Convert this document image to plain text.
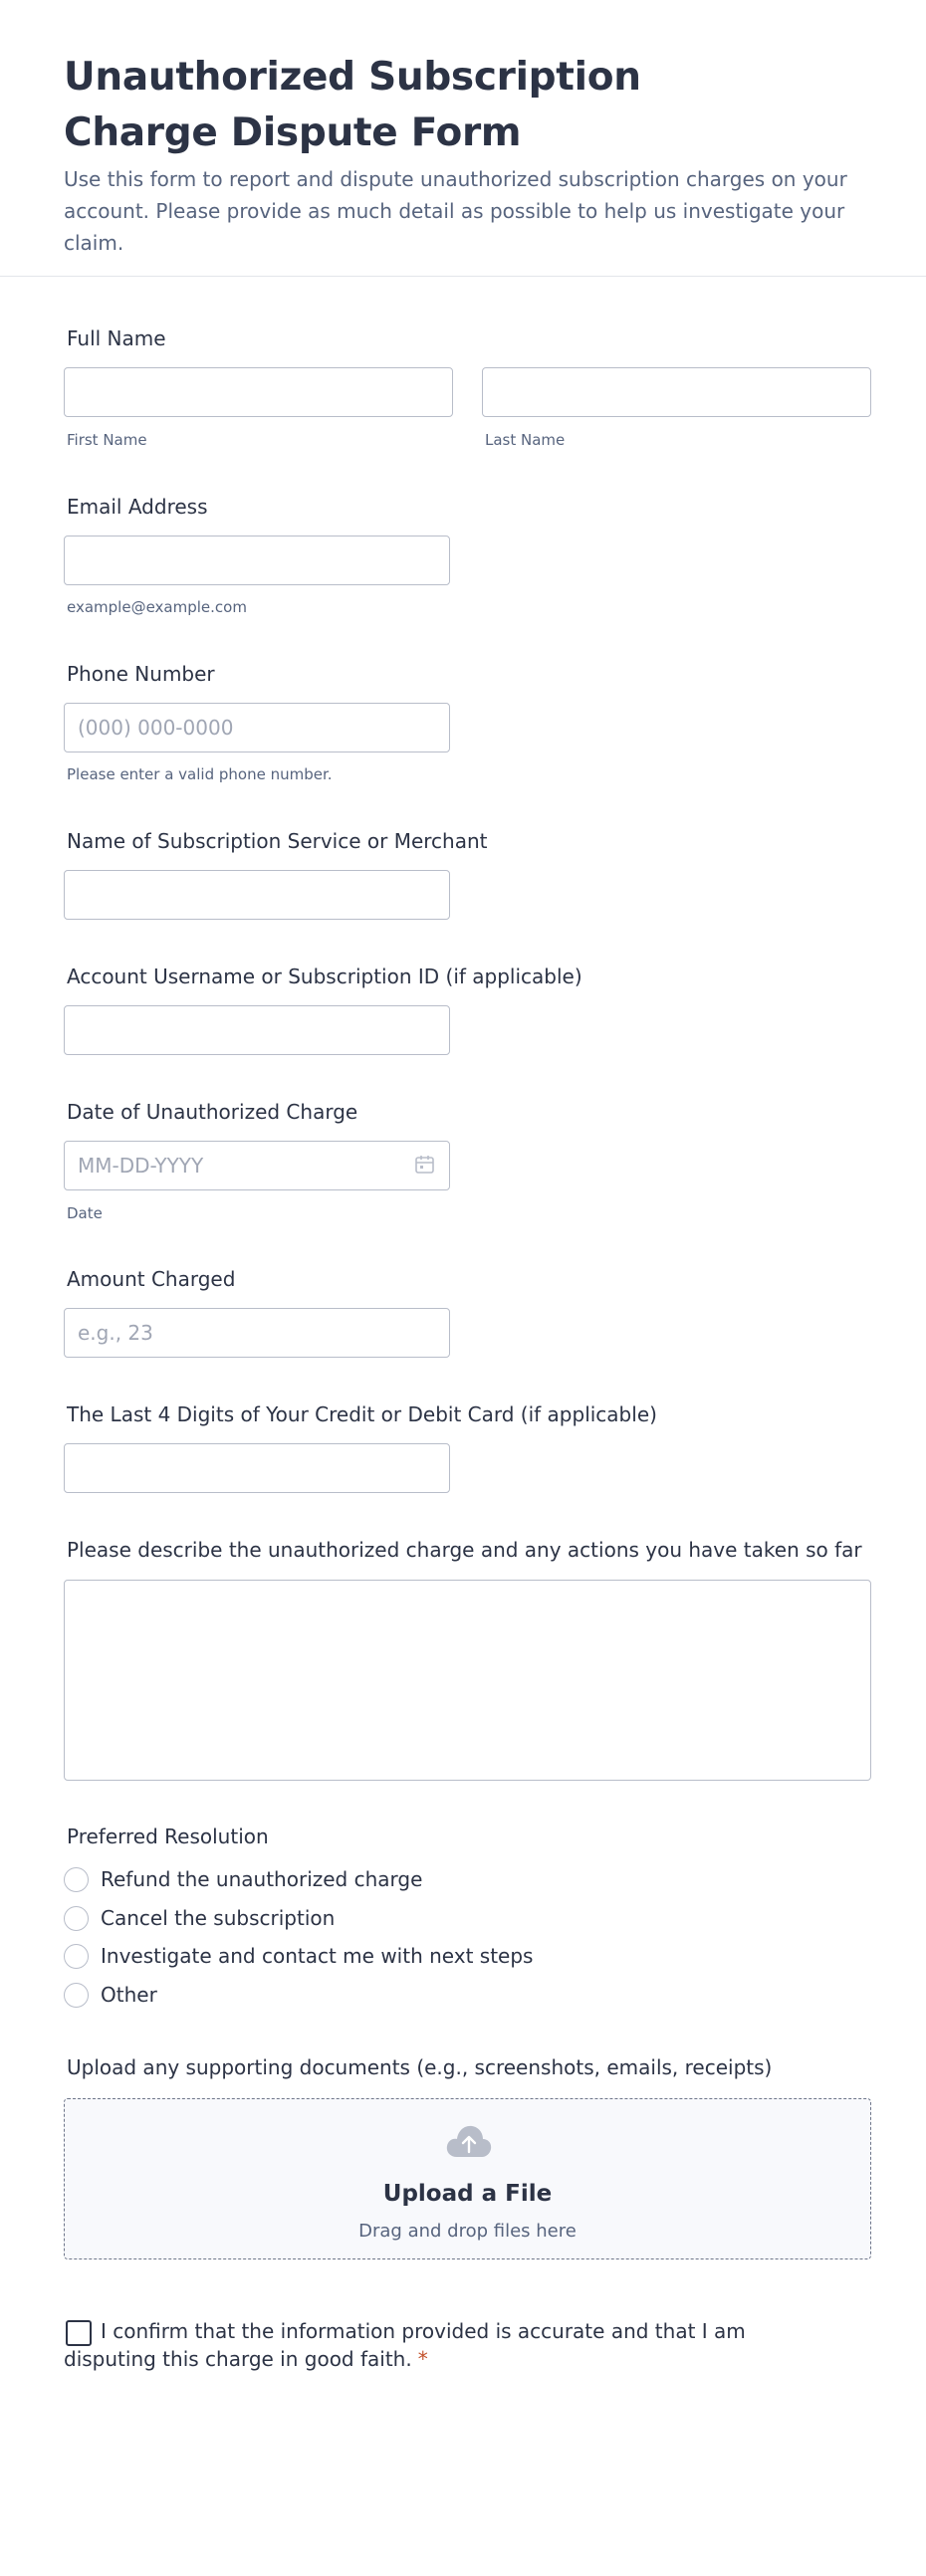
Unauthorized Subscription Charge Dispute Form
Use this form to report and dispute unauthorized subscription charges on your account. Please provide as much detail as possible to help us investigate your claim.
Full Name
First Name	Last Name
Email Address
example@example.com
Phone Number
(000) 000-0000
Please enter a valid phone number.
Name of Subscription Service or Merchant
Account Username or Subscription ID (if applicable)
Date of Unauthorized Charge
MM-DD-YYYY
Date
Amount Charged
e.g., 23
The Last 4 Digits of Your Credit or Debit Card (if applicable)
Please describe the unauthorized charge and any actions you have taken so far
Preferred Resolution
Refund the unauthorized charge
Cancel the subscription
Investigate and contact me with next steps
Other
Upload any supporting documents (e.g., screenshots, emails, receipts)
Upload a File
Drag and drop files here
I confirm that the information provided is accurate and that I am disputing this charge in good faith. *
